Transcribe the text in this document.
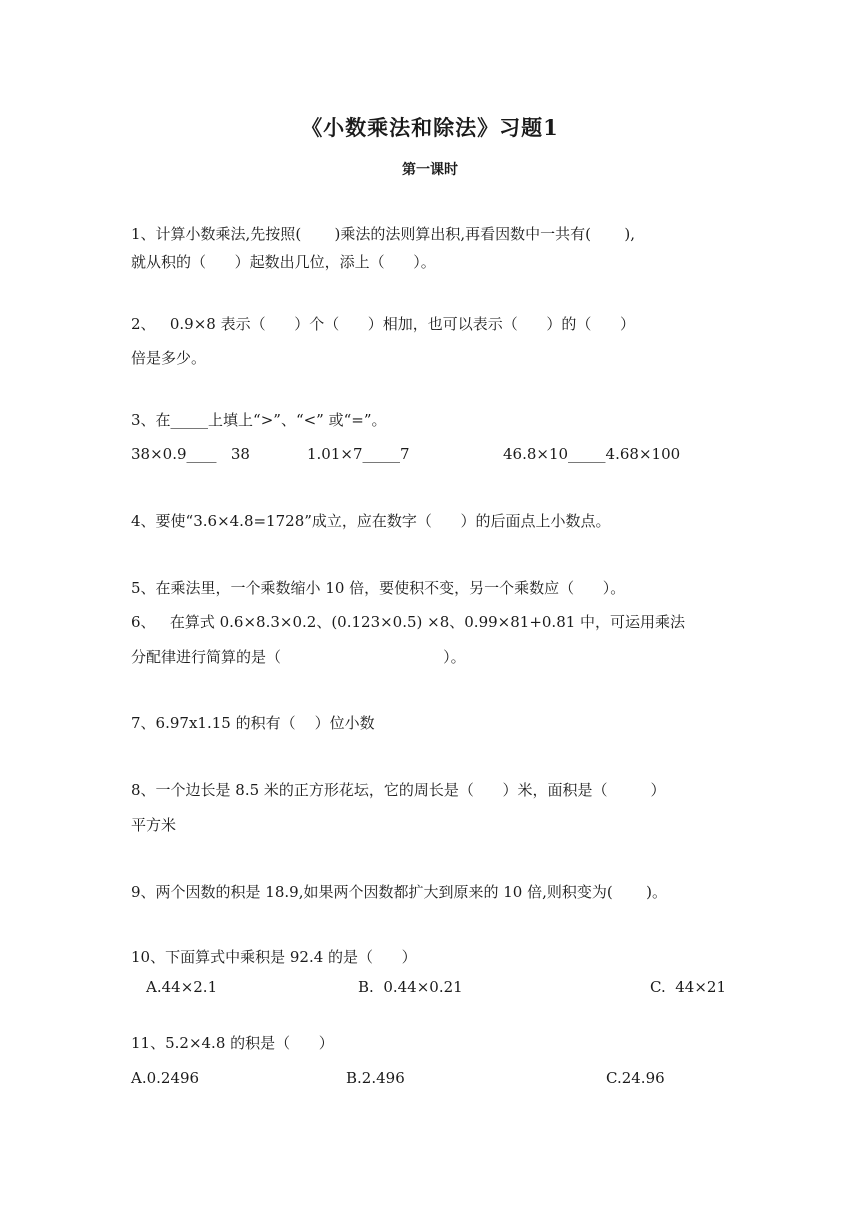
《小数乘法和除法》习题1
第一课时
1、计算小数乘法,先按照(       )乘法的法则算出积,再看因数中一共有(       ),
就从积的（      ）起数出几位，添上（      ）。
2、   0.9×8 表示（      ）个（      ）相加，也可以表示（      ）的（      ）
倍是多少。
3、在_____上填上“>”、“<” 或“=”。
38×0.9____   38	1.01×7_____7	46.8×10_____4.68×100
4、要使“3.6×4.8=1728”成立，应在数字（      ）的后面点上小数点。
5、在乘法里，一个乘数缩小 10 倍，要使积不变，另一个乘数应（      ）。
6、   在算式 0.6×8.3×0.2、(0.123×0.5) ×8、0.99×81+0.81 中，可运用乘法
分配律进行简算的是（                                  ）。
7、6.97x1.15 的积有（    ）位小数
8、一个边长是 8.5 米的正方形花坛，它的周长是（      ）米，面积是（         ）
平方米
9、两个因数的积是 18.9,如果两个因数都扩大到原来的 10 倍,则积变为(       )。
10、下面算式中乘积是 92.4 的是（      ）
A.44×2.1	B.  0.44×0.21	C.  44×21
11、5.2×4.8 的积是（      ）
A.0.2496	B.2.496	C.24.96
